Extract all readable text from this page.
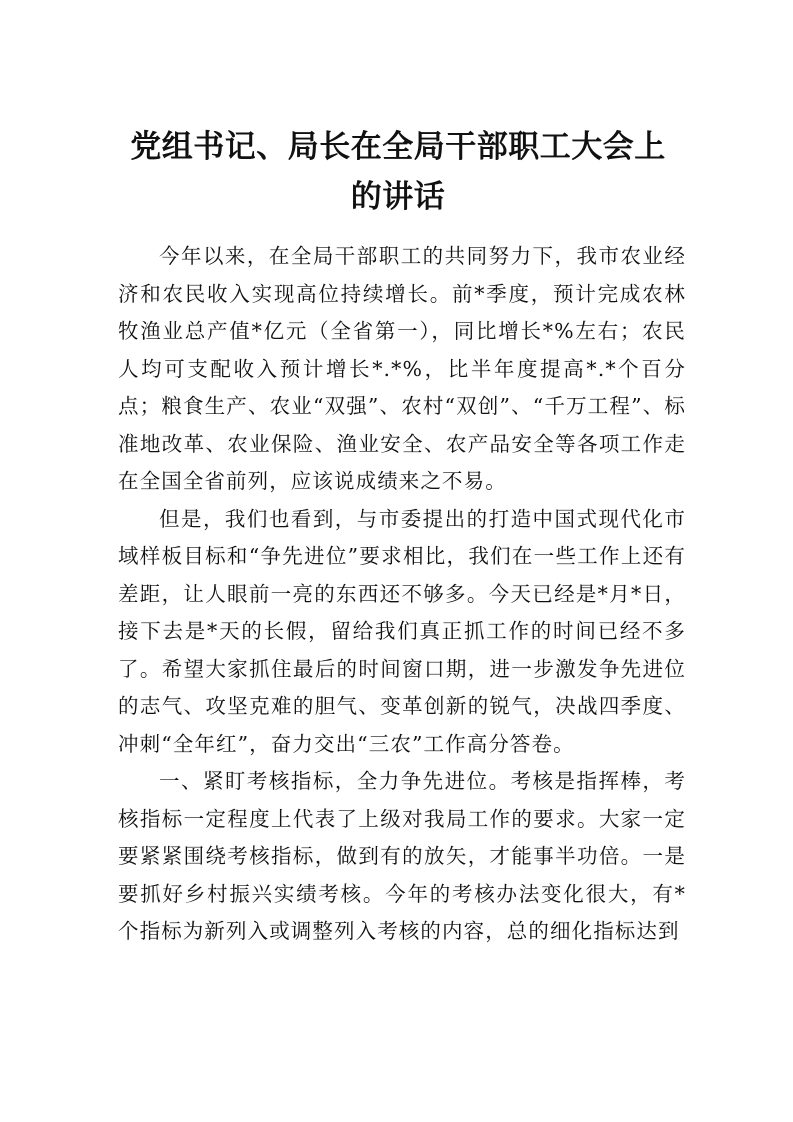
党组书记、局长在全局干部职工大会上的讲话

今年以来，在全局干部职工的共同努力下，我市农业经济和农民收入实现高位持续增长。前*季度，预计完成农林牧渔业总产值*亿元（全省第一），同比增长*%左右；农民人均可支配收入预计增长*.*%，比半年度提高*.*个百分点；粮食生产、农业“双强”、农村“双创”、“千万工程”、标准地改革、农业保险、渔业安全、农产品安全等各项工作走在全国全省前列，应该说成绩来之不易。

但是，我们也看到，与市委提出的打造中国式现代化市域样板目标和“争先进位”要求相比，我们在一些工作上还有差距，让人眼前一亮的东西还不够多。今天已经是*月*日，接下去是*天的长假，留给我们真正抓工作的时间已经不多了。希望大家抓住最后的时间窗口期，进一步激发争先进位的志气、攻坚克难的胆气、变革创新的锐气，决战四季度、冲刺“全年红”，奋力交出“三农”工作高分答卷。

一、紧盯考核指标，全力争先进位。考核是指挥棒，考核指标一定程度上代表了上级对我局工作的要求。大家一定要紧紧围绕考核指标，做到有的放矢，才能事半功倍。一是要抓好乡村振兴实绩考核。今年的考核办法变化很大，有*个指标为新列入或调整列入考核的内容，总的细化指标达到
